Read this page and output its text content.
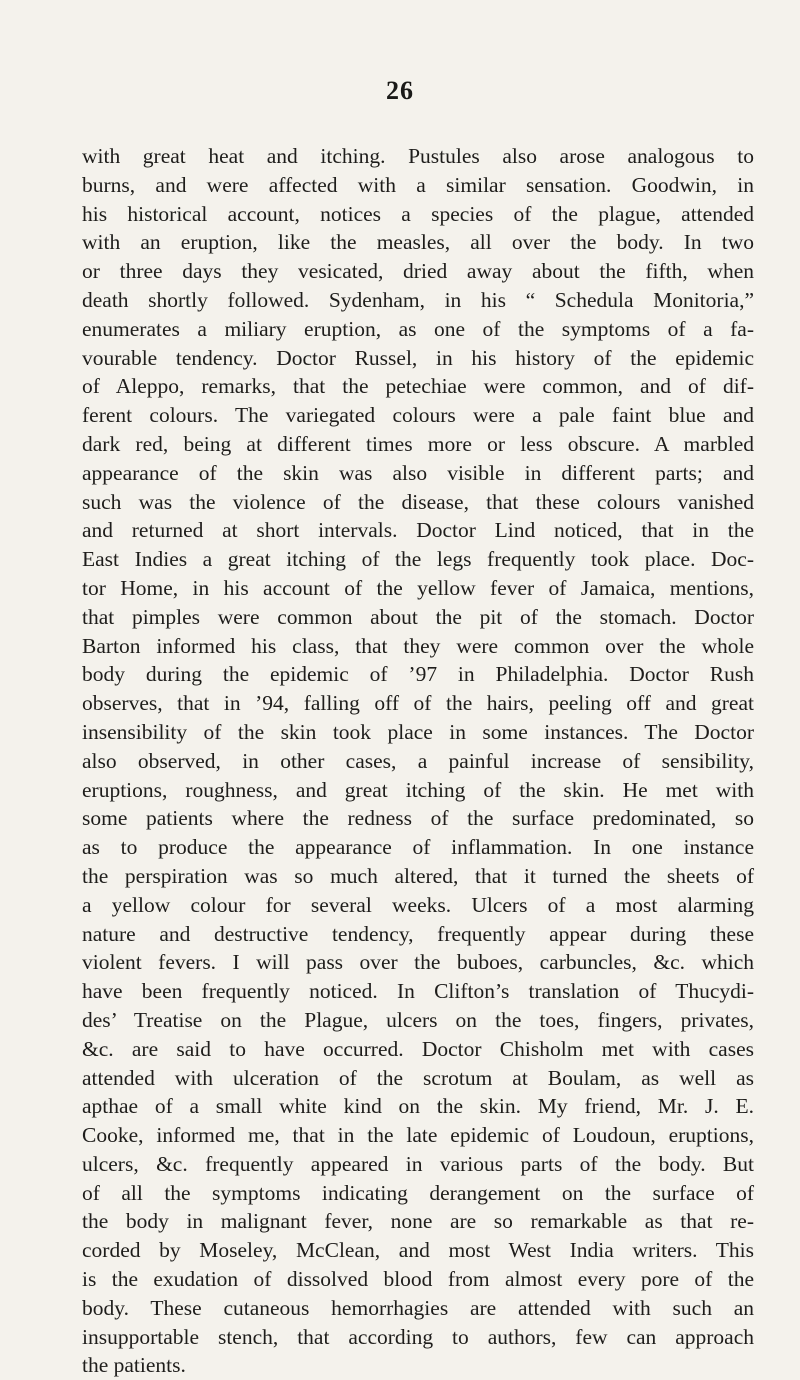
26
with great heat and itching. Pustules also arose analogous to
burns, and were affected with a similar sensation. Goodwin, in
his historical account, notices a species of the plague, attended
with an eruption, like the measles, all over the body. In two
or three days they vesicated, dried away about the fifth, when
death shortly followed. Sydenham, in his “ Schedula Monitoria,”
enumerates a miliary eruption, as one of the symptoms of a fa-
vourable tendency. Doctor Russel, in his history of the epidemic
of Aleppo, remarks, that the petechiae were common, and of dif-
ferent colours. The variegated colours were a pale faint blue and
dark red, being at different times more or less obscure. A marbled
appearance of the skin was also visible in different parts; and
such was the violence of the disease, that these colours vanished
and returned at short intervals. Doctor Lind noticed, that in the
East Indies a great itching of the legs frequently took place. Doc-
tor Home, in his account of the yellow fever of Jamaica, mentions,
that pimples were common about the pit of the stomach. Doctor
Barton informed his class, that they were common over the whole
body during the epidemic of ’97 in Philadelphia. Doctor Rush
observes, that in ’94, falling off of the hairs, peeling off and great
insensibility of the skin took place in some instances. The Doctor
also observed, in other cases, a painful increase of sensibility,
eruptions, roughness, and great itching of the skin. He met with
some patients where the redness of the surface predominated, so
as to produce the appearance of inflammation. In one instance
the perspiration was so much altered, that it turned the sheets of
a yellow colour for several weeks. Ulcers of a most alarming
nature and destructive tendency, frequently appear during these
violent fevers. I will pass over the buboes, carbuncles, &c. which
have been frequently noticed. In Clifton’s translation of Thucydi-
des’ Treatise on the Plague, ulcers on the toes, fingers, privates,
&c. are said to have occurred. Doctor Chisholm met with cases
attended with ulceration of the scrotum at Boulam, as well as
apthae of a small white kind on the skin. My friend, Mr. J. E.
Cooke, informed me, that in the late epidemic of Loudoun, eruptions,
ulcers, &c. frequently appeared in various parts of the body. But
of all the symptoms indicating derangement on the surface of
the body in malignant fever, none are so remarkable as that re-
corded by Moseley, McClean, and most West India writers. This
is the exudation of dissolved blood from almost every pore of the
body. These cutaneous hemorrhagies are attended with such an
insupportable stench, that according to authors, few can approach
the patients.
